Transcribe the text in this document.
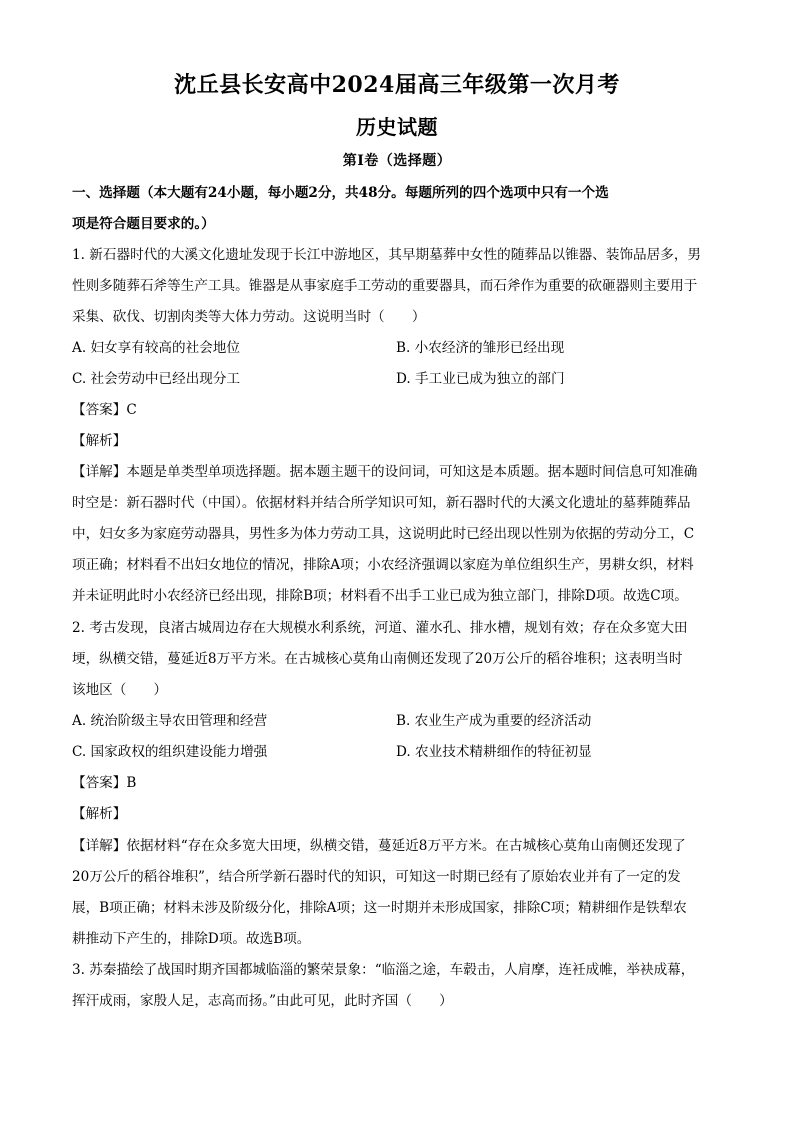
沈丘县长安高中2024届高三年级第一次月考
历史试题
第Ⅰ卷（选择题）
一、选择题（本大题有24小题，每小题2分，共48分。每题所列的四个选项中只有一个选
项是符合题目要求的。）
1. 新石器时代的大溪文化遗址发现于长江中游地区，其早期墓葬中女性的随葬品以锥器、装饰品居多，男
性则多随葬石斧等生产工具。锥器是从事家庭手工劳动的重要器具，而石斧作为重要的砍砸器则主要用于
采集、砍伐、切割肉类等大体力劳动。这说明当时（　　）
A. 妇女享有较高的社会地位	B. 小农经济的雏形已经出现
C. 社会劳动中已经出现分工	D. 手工业已成为独立的部门
【答案】C
【解析】
【详解】本题是单类型单项选择题。据本题主题干的设问词，可知这是本质题。据本题时间信息可知准确
时空是：新石器时代（中国）。依据材料并结合所学知识可知，新石器时代的大溪文化遗址的墓葬随葬品
中，妇女多为家庭劳动器具，男性多为体力劳动工具，这说明此时已经出现以性别为依据的劳动分工，C
项正确；材料看不出妇女地位的情况，排除A项；小农经济强调以家庭为单位组织生产，男耕女织，材料
并未证明此时小农经济已经出现，排除B项；材料看不出手工业已成为独立部门，排除D项。故选C项。
2. 考古发现，良渚古城周边存在大规模水利系统，河道、灌水孔、排水槽，规划有效；存在众多宽大田
埂，纵横交错，蔓延近8万平方米。在古城核心莫角山南侧还发现了20万公斤的稻谷堆积；这表明当时
该地区（　　）
A. 统治阶级主导农田管理和经营	B. 农业生产成为重要的经济活动
C. 国家政权的组织建设能力增强	D. 农业技术精耕细作的特征初显
【答案】B
【解析】
【详解】依据材料“存在众多宽大田埂，纵横交错，蔓延近8万平方米。在古城核心莫角山南侧还发现了
20万公斤的稻谷堆积”，结合所学新石器时代的知识，可知这一时期已经有了原始农业并有了一定的发
展，B项正确；材料未涉及阶级分化，排除A项；这一时期并未形成国家，排除C项；精耕细作是铁犁农
耕推动下产生的，排除D项。故选B项。
3. 苏秦描绘了战国时期齐国都城临淄的繁荣景象：“临淄之途，车毂击，人肩摩，连衽成帷，举袂成幕，
挥汗成雨，家殷人足，志高而扬。”由此可见，此时齐国（　　）
